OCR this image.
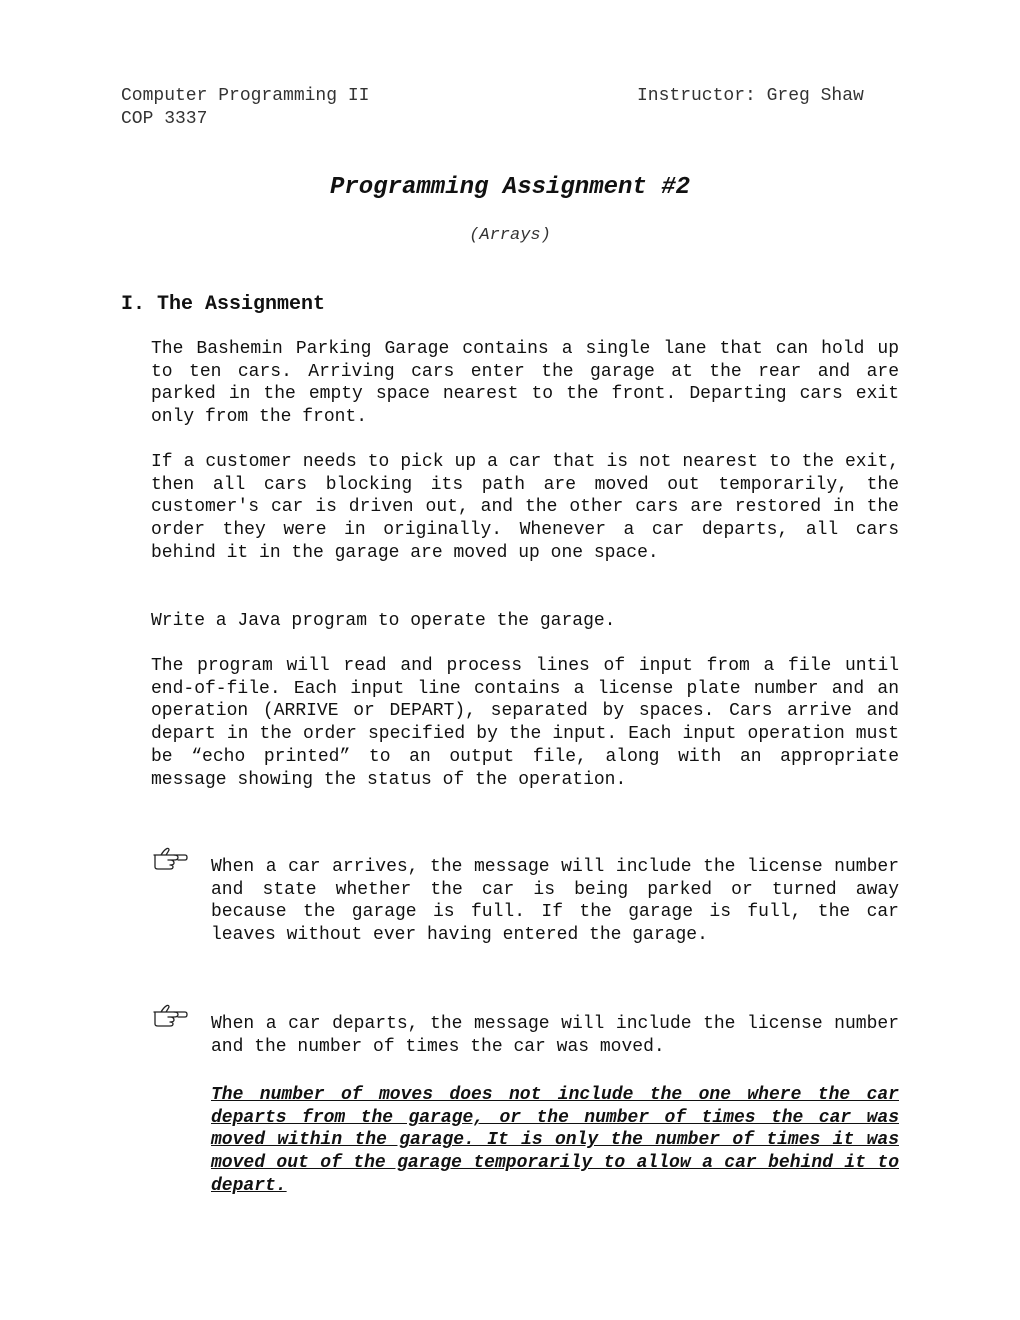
Computer Programming II	Instructor: Greg Shaw
COP 3337
Programming Assignment #2
(Arrays)
I. The Assignment

The Bashemin Parking Garage contains a single lane that can hold up to ten cars. Arriving cars enter the garage at the rear and are parked in the empty space nearest to the front. Departing cars exit only from the front.

If a customer needs to pick up a car that is not nearest to the exit, then all cars blocking its path are moved out temporarily, the customer's car is driven out, and the other cars are restored in the order they were in originally. Whenever a car departs, all cars behind it in the garage are moved up one space.

Write a Java program to operate the garage.

The program will read and process lines of input from a file until end-of-file. Each input line contains a license plate number and an operation (ARRIVE or DEPART), separated by spaces. Cars arrive and depart in the order specified by the input. Each input operation must be “echo printed” to an output file, along with an appropriate message showing the status of the operation.

When a car arrives, the message will include the license number and state whether the car is being parked or turned away because the garage is full. If the garage is full, the car leaves without ever having entered the garage.

When a car departs, the message will include the license number and the number of times the car was moved.

The number of moves does not include the one where the car departs from the garage, or the number of times the car was moved within the garage. It is only the number of times it was moved out of the garage temporarily to allow a car behind it to depart.
